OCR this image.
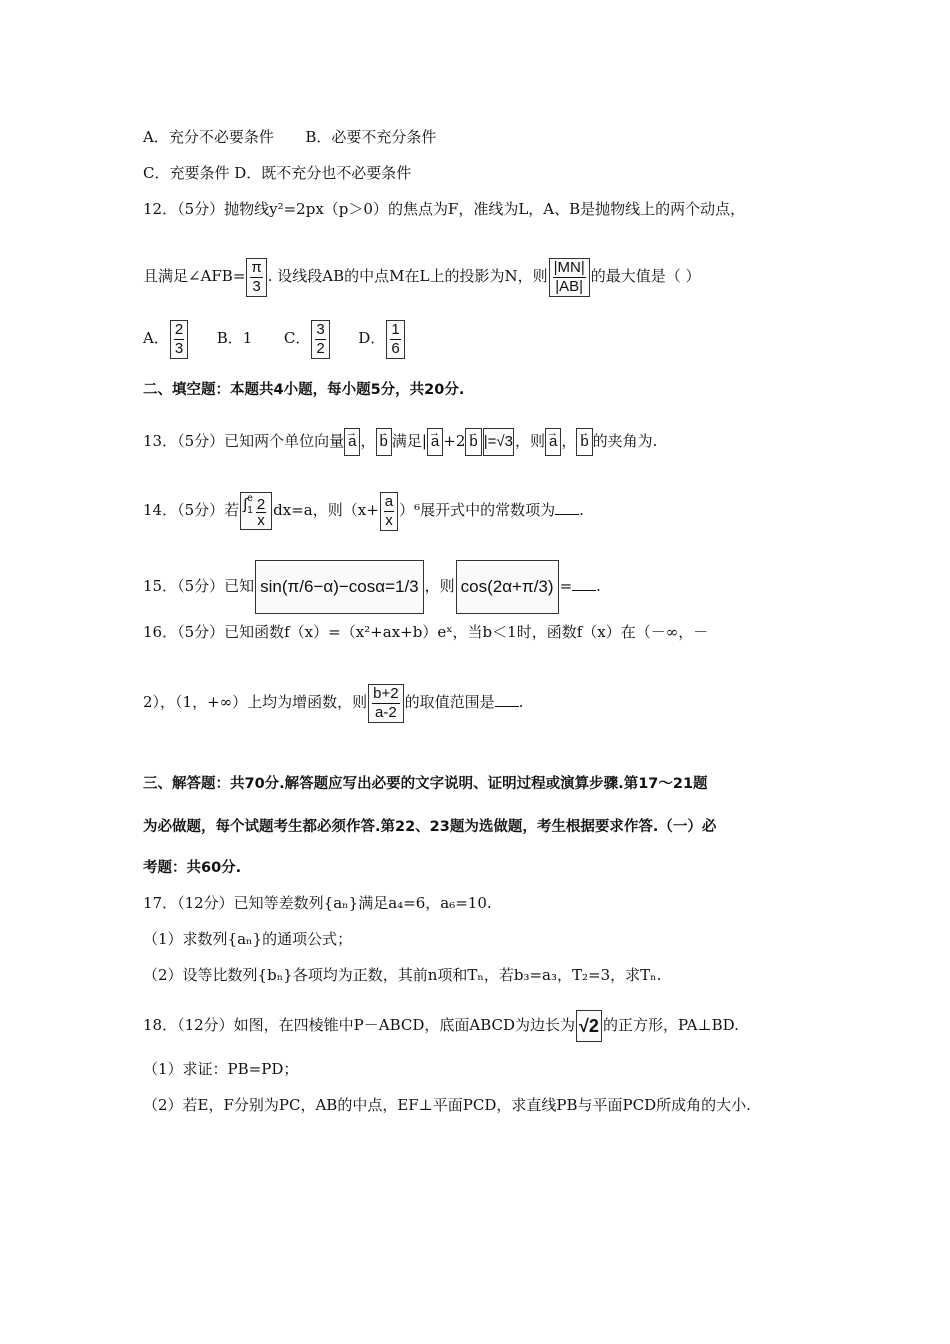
A．充分不必要条件 B．必要不充分条件
C．充要条件 D．既不充分也不必要条件
12．（5分）抛物线y²=2px（p＞0）的焦点为F，准线为L，A、B是抛物线上的两个动点，
且满足∠AFB= $\frac{\pi}{3}$ . 设线段AB的中点M在L上的投影为N，则 $\frac{|MN|}{|AB|}$ 的最大值是（ ）
A． $\frac{2}{3}$ B．1 C． $\frac{3}{2}$ D． $\frac{1}{6}$
二、填空题：本题共4小题，每小题5分，共20分.
13．（5分）已知两个单位向量 → a ， → b 满足| → a +2 → b |=√3 ，则 → a ， → b 的夹角为.
14．（5分）若 ∫ e
$1 \frac{2}{x} dx=a$，则$(x+ \frac{a}{x} )^6$展开式中的常数项为 .
15．（5分）已知 sin(π/6−α)−cosα=1/3 ，则 cos(2α+π/3) = .
16．（5分）已知函数f（x）=（x²+ax+b）eˣ，当b＜1时，函数f（x）在（－∞，－
2），（1，+∞）上均为增函数，则 $\frac{b+2}{a-2}$ 的取值范围是 .
三、解答题：共70分.解答题应写出必要的文字说明、证明过程或演算步骤.第17～21题
为必做题，每个试题考生都必须作答.第22、23题为选做题，考生根据要求作答.（一）必
考题：共60分.
17．（12分）已知等差数列{aₙ}满足a₄=6，a₆=10.
（1）求数列{aₙ}的通项公式；
（2）设等比数列{bₙ}各项均为正数，其前n项和Tₙ，若b₃=a₃，T₂=3，求Tₙ.
18．（12分）如图，在四棱锥中P－ABCD，底面ABCD为边长为 √2 的正方形，PA⊥BD.
（1）求证：PB=PD；
（2）若E，F分别为PC，AB的中点，EF⊥平面PCD，求直线PB与平面PCD所成角的大小.
